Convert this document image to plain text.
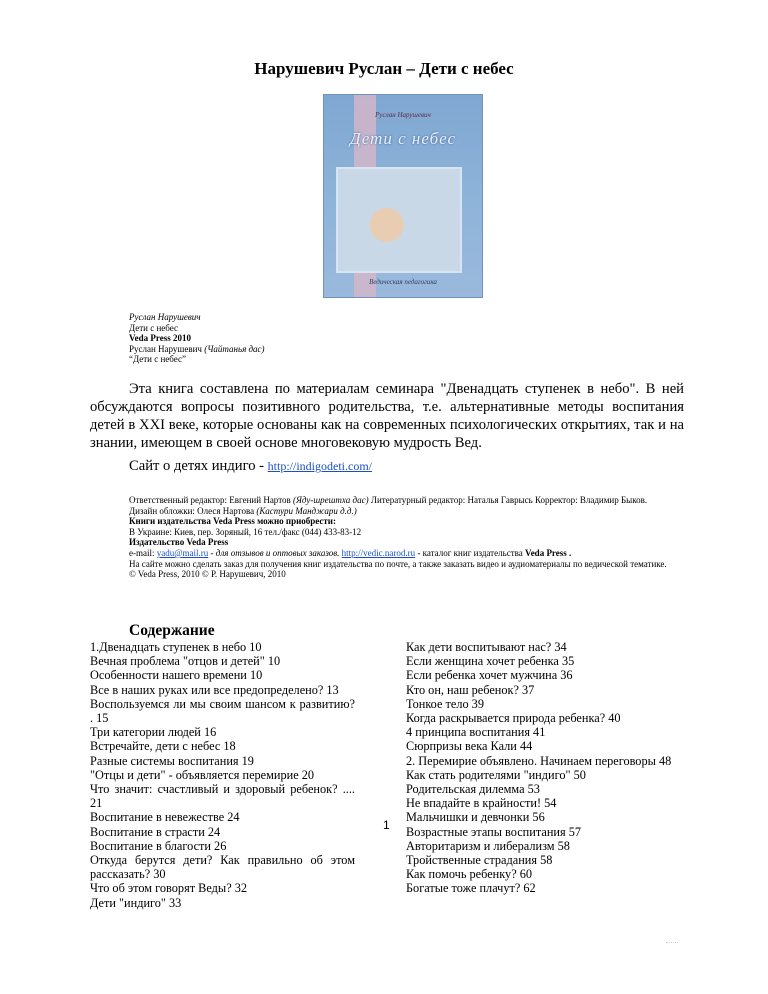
Нарушевич Руслан – Дети с небес
Руслан Нарушевич
Дети с небес
Ведическая педагогика
Руслан Нарушевич
Дети с небес
Veda Press 2010
Руслан Нарушевич (Чайтанья дас)
“Дети с небес”
Эта книга составлена по материалам семинара "Двенадцать ступенек в небо". В ней обсуждаются вопросы позитивного родительства, т.е. альтернативные методы воспитания детей в XXI веке, которые основаны как на современных психологических открытиях, так и на знании, имеющем в своей основе многовековую мудрость Вед.
Сайт о детях индиго - http://indigodeti.com/
Ответственный редактор: Евгений Нартов (Яду-шрештха дас) Литературный редактор: Наталья Гаврысь Корректор: Владимир Быков.
Дизайн обложки: Олеся Нартова (Кастури Манджари д.д.)
Книги издательства Veda Press можно приобрести:
В Украине: Киев, пер. Зоряный, 16 тел./факс (044) 433-83-12
Издательство Veda Press
e-mail: yadu@mail.ru - для отзывов и оптовых заказов. http://vedic.narod.ru - каталог книг издательства Veda Press .
На сайте можно сделать заказ для получения книг издательства по почте, а также заказать видео и аудиоматериалы по ведической тематике.
© Veda Press, 2010 © Р. Нарушевич, 2010
Содержание
1.Двенадцать ступенек в небо 10
Вечная проблема "отцов и детей" 10
Особенности нашего времени 10
Все в наших руках или все предопределено? 13
Воспользуемся ли мы своим шансом к развитию? . 15
Три категории людей 16
Встречайте, дети с небес 18
Разные системы воспитания 19
"Отцы и дети" - объявляется перемирие 20
Что значит: счастливый и здоровый ребенок? .... 21
Воспитание в невежестве 24
Воспитание в страсти 24
Воспитание в благости 26
Откуда берутся дети? Как правильно об этом рассказать? 30
Что об этом говорят Веды? 32
Дети "индиго" 33
Как дети воспитывают нас? 34
Если женщина хочет ребенка 35
Если ребенка хочет мужчина 36
Кто он, наш ребенок? 37
Тонкое тело 39
Когда раскрывается природа ребенка? 40
4 принципа воспитания 41
Сюрпризы века Кали 44
2. Перемирие объявлено. Начинаем переговоры 48
Как стать родителями "индиго" 50
Родительская дилемма 53
Не впадайте в крайности! 54
Мальчишки и девчонки 56
Возрастные этапы воспитания 57
Авторитаризм и либерализм 58
Тройственные страдания 58
Как помочь ребенку? 60
Богатые тоже плачут? 62
1
